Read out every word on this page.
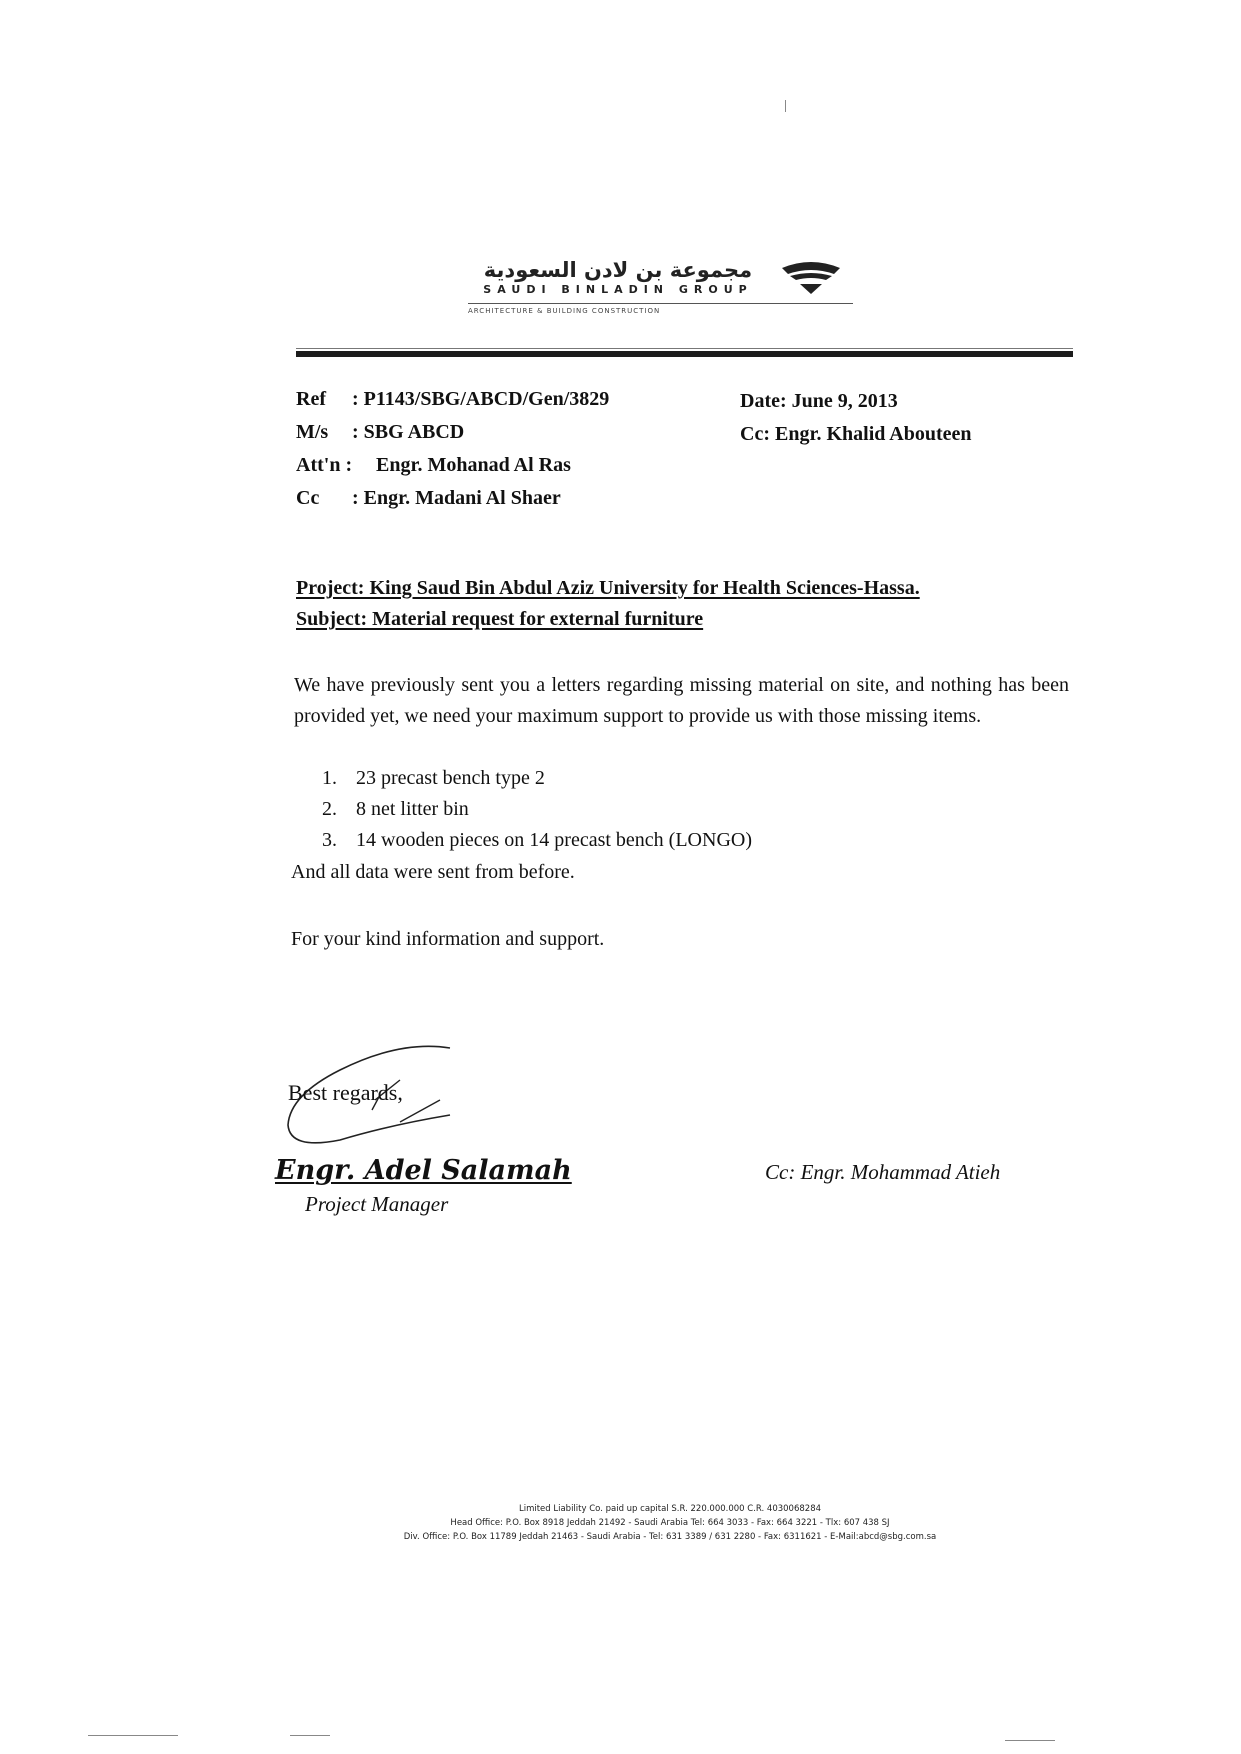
مجموعة بن لادن السعودية
SAUDI BINLADIN GROUP
ARCHITECTURE & BUILDING CONSTRUCTION
Ref : P1143/SBG/ABCD/Gen/3829
M/s : SBG ABCD
Att'n : Engr. Mohanad Al Ras
Cc : Engr. Madani Al Shaer
Date: June 9, 2013
Cc: Engr. Khalid Abouteen
Project: King Saud Bin Abdul Aziz University for Health Sciences-Hassa.
Subject: Material request for external furniture
We have previously sent you a letters regarding missing material on site, and nothing has been provided yet, we need your maximum support to provide us with those missing items.
1. 23 precast bench type 2
2. 8 net litter bin
3. 14 wooden pieces on 14 precast bench (LONGO)
And all data were sent from before.
For your kind information and support.
Best regards,
Engr. Adel Salamah
Project Manager
Cc: Engr. Mohammad Atieh
Limited Liability Co. paid up capital S.R. 220.000.000 C.R. 4030068284
Head Office: P.O. Box 8918 Jeddah 21492 - Saudi Arabia Tel: 664 3033 - Fax: 664 3221 - Tlx: 607 438 SJ
Div. Office: P.O. Box 11789 Jeddah 21463 - Saudi Arabia - Tel: 631 3389 / 631 2280 - Fax: 6311621 - E-Mail:abcd@sbg.com.sa
